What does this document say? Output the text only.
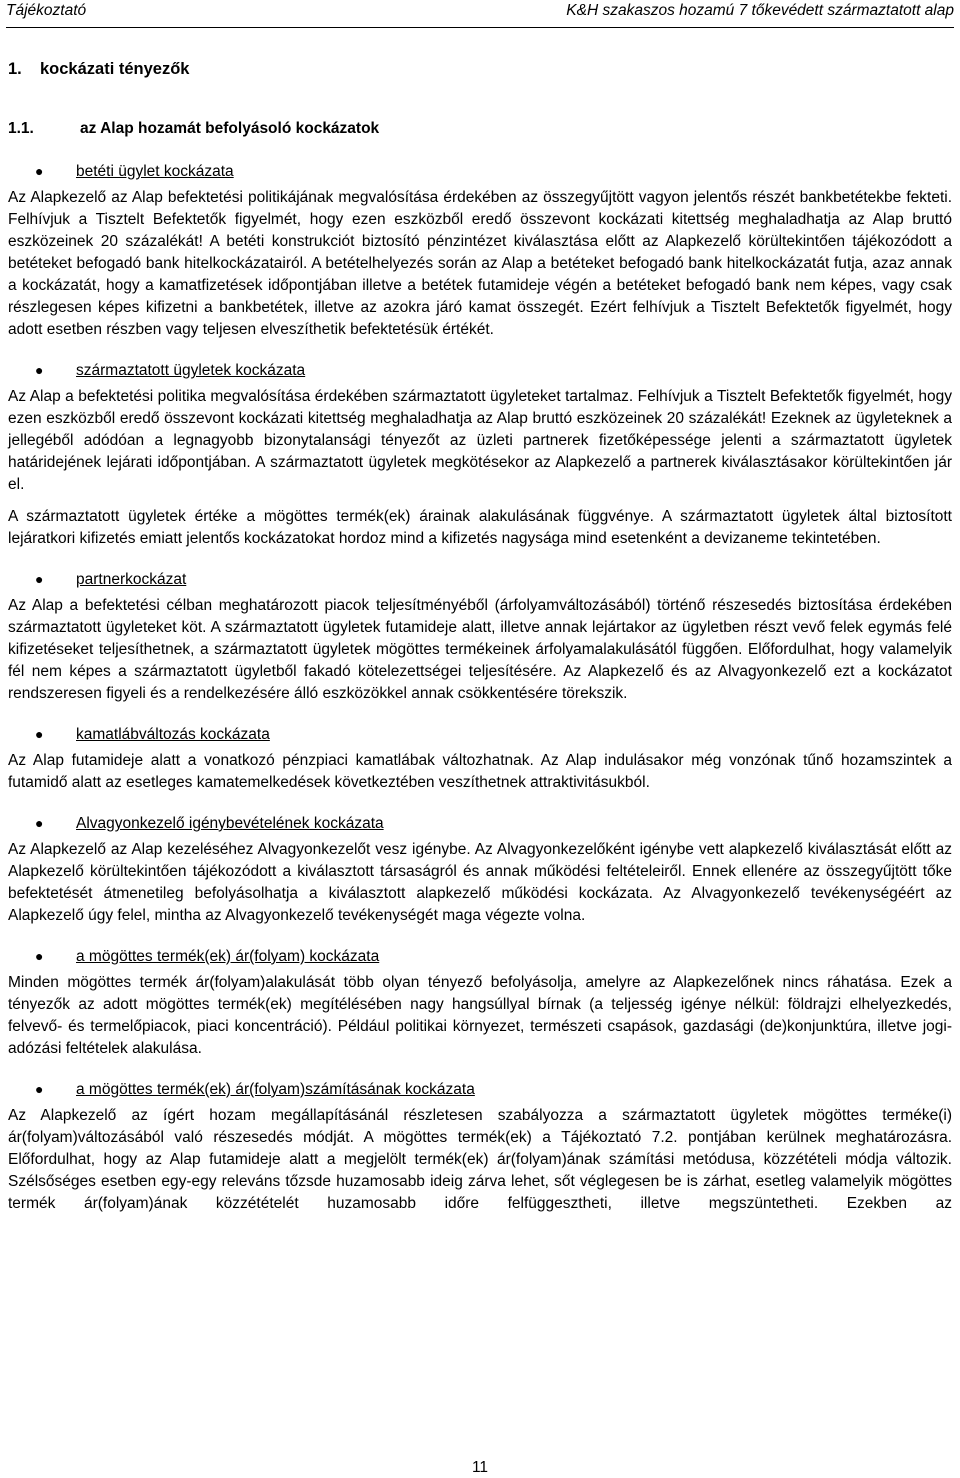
Tájékoztató	K&H szakaszos hozamú 7 tőkevédett származtatott alap
1.	kockázati tényezők
1.1.	az Alap hozamát befolyásoló kockázatok
●	betéti ügylet kockázata

Az Alapkezelő az Alap befektetési politikájának megvalósítása érdekében az összegyűjtött vagyon jelentős részét bankbetétekbe fekteti. Felhívjuk a Tisztelt Befektetők figyelmét, hogy ezen eszközből eredő összevont kockázati kitettség meghaladhatja az Alap bruttó eszközeinek 20 százalékát! A betéti konstrukciót biztosító pénzintézet kiválasztása előtt az Alapkezelő körültekintően tájékozódott a betéteket befogadó bank hitelkockázatairól. A betételhelyezés során az Alap a betéteket befogadó bank hitelkockázatát futja, azaz annak a kockázatát, hogy a kamatfizetések időpontjában illetve a betétek futamideje végén a betéteket befogadó bank nem képes, vagy csak részlegesen képes kifizetni a bankbetétek, illetve az azokra járó kamat összegét. Ezért felhívjuk a Tisztelt Befektetők figyelmét, hogy adott esetben részben vagy teljesen elveszíthetik befektetésük értékét.

●	származtatott ügyletek kockázata

Az Alap a befektetési politika megvalósítása érdekében származtatott ügyleteket tartalmaz. Felhívjuk a Tisztelt Befektetők figyelmét, hogy ezen eszközből eredő összevont kockázati kitettség meghaladhatja az Alap bruttó eszközeinek 20 százalékát! Ezeknek az ügyleteknek a jellegéből adódóan a legnagyobb bizonytalansági tényezőt az üzleti partnerek fizetőképessége jelenti a származtatott ügyletek határidejének lejárati időpontjában. A származtatott ügyletek megkötésekor az Alapkezelő a partnerek kiválasztásakor körültekintően jár el.

A származtatott ügyletek értéke a mögöttes termék(ek) árainak alakulásának függvénye. A származtatott ügyletek által biztosított lejáratkori kifizetés emiatt jelentős kockázatokat hordoz mind a kifizetés nagysága mind esetenként a devizaneme tekintetében.

●	partnerkockázat

Az Alap a befektetési célban meghatározott piacok teljesítményéből (árfolyamváltozásából) történő részesedés biztosítása érdekében származtatott ügyleteket köt. A származtatott ügyletek futamideje alatt, illetve annak lejártakor az ügyletben részt vevő felek egymás felé kifizetéseket teljesíthetnek, a származtatott ügyletek mögöttes termékeinek árfolyamalakulásától függően. Előfordulhat, hogy valamelyik fél nem képes a származtatott ügyletből fakadó kötelezettségei teljesítésére. Az Alapkezelő és az Alvagyonkezelő ezt a kockázatot rendszeresen figyeli és a rendelkezésére álló eszközökkel annak csökkentésére törekszik.

●	kamatlábváltozás kockázata

Az Alap futamideje alatt a vonatkozó pénzpiaci kamatlábak változhatnak. Az Alap indulásakor még vonzónak tűnő hozamszintek a futamidő alatt az esetleges kamatemelkedések következtében veszíthetnek attraktivitásukból.

●	Alvagyonkezelő igénybevételének kockázata

Az Alapkezelő az Alap kezeléséhez Alvagyonkezelőt vesz igénybe. Az Alvagyonkezelőként igénybe vett alapkezelő kiválasztását előtt az Alapkezelő körültekintően tájékozódott a kiválasztott társaságról és annak működési feltételeiről. Ennek ellenére az összegyűjtött tőke befektetését átmenetileg befolyásolhatja a kiválasztott alapkezelő működési kockázata. Az Alvagyonkezelő tevékenységéért az Alapkezelő úgy felel, mintha az Alvagyonkezelő tevékenységét maga végezte volna.

●	a mögöttes termék(ek) ár(folyam) kockázata

Minden mögöttes termék ár(folyam)alakulását több olyan tényező befolyásolja, amelyre az Alapkezelőnek nincs ráhatása. Ezek a tényezők az adott mögöttes termék(ek) megítélésében nagy hangsúllyal bírnak (a teljesség igénye nélkül: földrajzi elhelyezkedés, felvevő- és termelőpiacok, piaci koncentráció). Például politikai környezet, természeti csapások, gazdasági (de)konjunktúra, illetve jogi-adózási feltételek alakulása.

●	a mögöttes termék(ek) ár(folyam)számításának kockázata

Az Alapkezelő az ígért hozam megállapításánál részletesen szabályozza a származtatott ügyletek mögöttes terméke(i) ár(folyam)változásából való részesedés módját. A mögöttes termék(ek) a Tájékoztató 7.2. pontjában kerülnek meghatározásra. Előfordulhat, hogy az Alap futamideje alatt a megjelölt termék(ek) ár(folyam)ának számítási metódusa, közzétételi módja változik. Szélsőséges esetben egy-egy releváns tőzsde huzamosabb ideig zárva lehet, sőt véglegesen be is zárhat, esetleg valamelyik mögöttes termék ár(folyam)ának közzétételét huzamosabb időre felfüggesztheti, illetve megszüntetheti. Ezekben az

11
